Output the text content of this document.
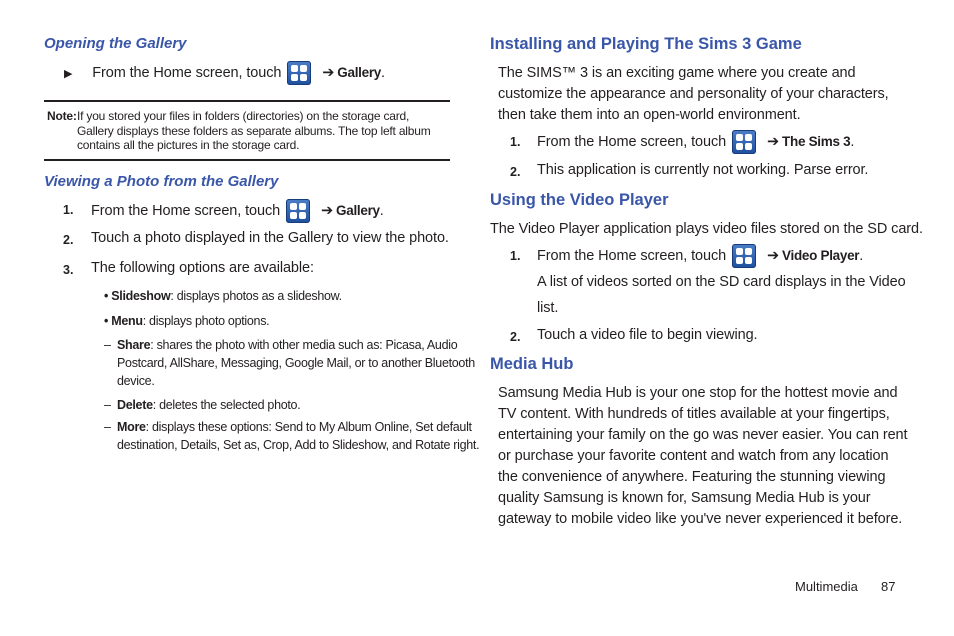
Opening the Gallery
▶ From the Home screen, touch	➔ Gallery.
Note: If you stored your files in folders (directories) on the storage card,
Gallery displays these folders as separate albums. The top left album
contains all the pictures in the storage card.
Viewing a Photo from the Gallery
1. From the Home screen, touch	➔ Gallery.
2. Touch a photo displayed in the Gallery to view the photo.
3. The following options are available:
• Slideshow: displays photos as a slideshow.
• Menu: displays photo options.
– Share: shares the photo with other media such as: Picasa, Audio
Postcard, AllShare, Messaging, Google Mail, or to another Bluetooth
device.
– Delete: deletes the selected photo.
– More: displays these options: Send to My Album Online, Set default
destination, Details, Set as, Crop, Add to Slideshow, and Rotate right.
Installing and Playing The Sims 3 Game
The SIMS™ 3 is an exciting game where you create and
customize the appearance and personality of your characters,
then take them into an open-world environment.
1. From the Home screen, touch	➔ The Sims 3.
2. This application is currently not working. Parse error.
Using the Video Player
The Video Player application plays video files stored on the SD card.
1. From the Home screen, touch	➔ Video Player.
A list of videos sorted on the SD card displays in the Video
list.
2. Touch a video file to begin viewing.
Media Hub
Samsung Media Hub is your one stop for the hottest movie and
TV content. With hundreds of titles available at your fingertips,
entertaining your family on the go was never easier. You can rent
or purchase your favorite content and watch from any location
the convenience of anywhere. Featuring the stunning viewing
quality Samsung is known for, Samsung Media Hub is your
gateway to mobile video like you've never experienced it before.
Multimedia 87
